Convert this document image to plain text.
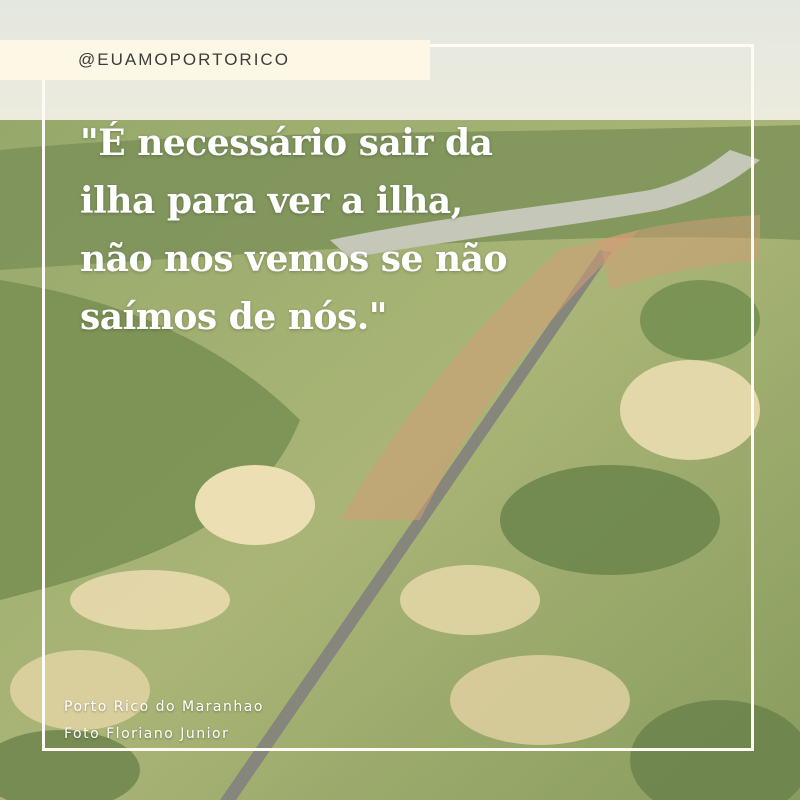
@EUAMOPORTORICO

"É necessário sair da ilha para ver a ilha, não nos vemos se não saímos de nós."

Porto Rico do Maranhao
Foto Floriano Junior
